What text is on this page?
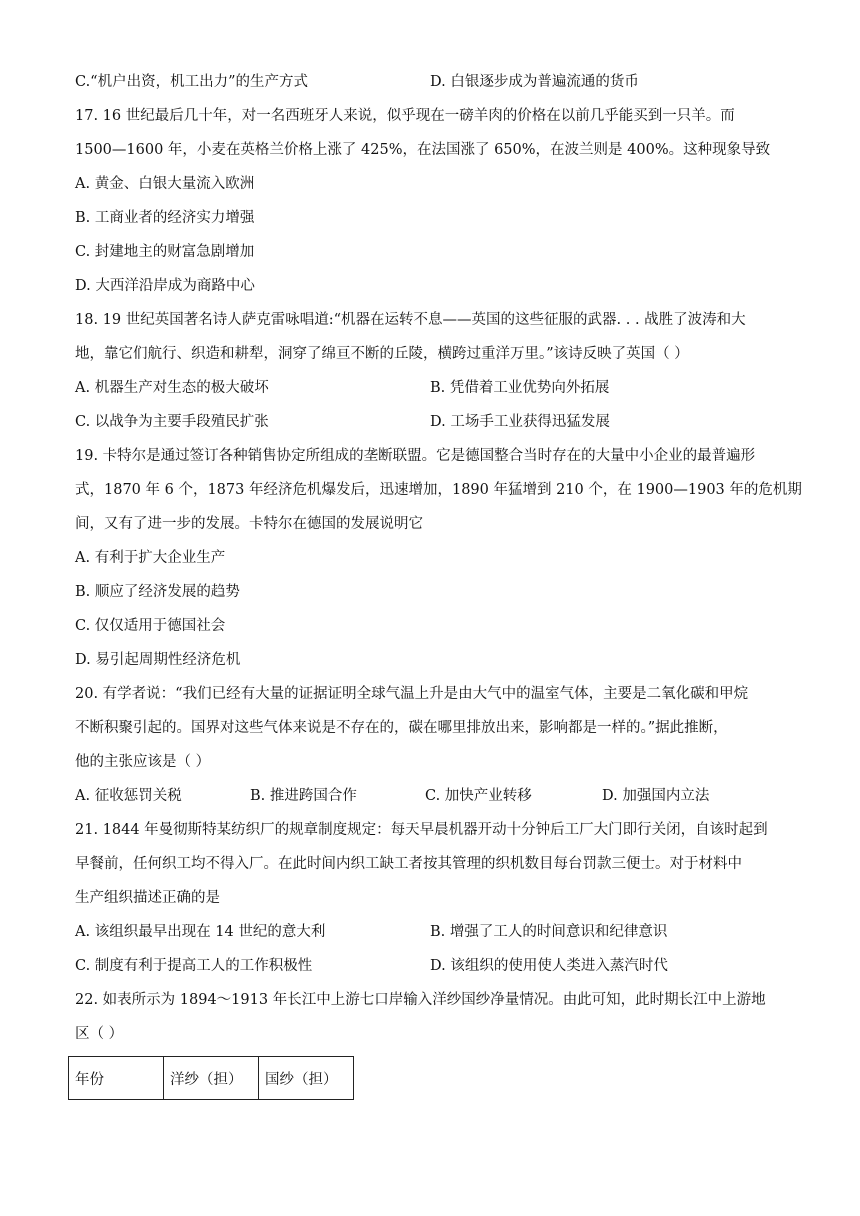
C.“机户出资，机工出力”的生产方式	D. 白银逐步成为普遍流通的货币
17. 16 世纪最后几十年，对一名西班牙人来说，似乎现在一磅羊肉的价格在以前几乎能买到一只羊。而
1500—1600 年，小麦在英格兰价格上涨了 425%，在法国涨了 650%，在波兰则是 400%。这种现象导致
A. 黄金、白银大量流入欧洲
B. 工商业者的经济实力增强
C. 封建地主的财富急剧增加
D. 大西洋沿岸成为商路中心
18. 19 世纪英国著名诗人萨克雷咏唱道:“机器在运转不息——英国的这些征服的武器. . . 战胜了波涛和大
地，靠它们航行、织造和耕犁，洞穿了绵亘不断的丘陵，横跨过重洋万里。”该诗反映了英国（ ）
A. 机器生产对生态的极大破坏	B. 凭借着工业优势向外拓展
C. 以战争为主要手段殖民扩张	D. 工场手工业获得迅猛发展
19. 卡特尔是通过签订各种销售协定所组成的垄断联盟。它是德国整合当时存在的大量中小企业的最普遍形
式，1870 年 6 个，1873 年经济危机爆发后，迅速增加，1890 年猛增到 210 个，在 1900—1903 年的危机期
间，又有了进一步的发展。卡特尔在德国的发展说明它
A. 有利于扩大企业生产
B. 顺应了经济发展的趋势
C. 仅仅适用于德国社会
D. 易引起周期性经济危机
20. 有学者说：“我们已经有大量的证据证明全球气温上升是由大气中的温室气体，主要是二氧化碳和甲烷
不断积聚引起的。国界对这些气体来说是不存在的，碳在哪里排放出来，影响都是一样的。”据此推断，
他的主张应该是（ ）
A. 征收惩罚关税	B. 推进跨国合作	C. 加快产业转移	D. 加强国内立法
21. 1844 年曼彻斯特某纺织厂的规章制度规定：每天早晨机器开动十分钟后工厂大门即行关闭，自该时起到
早餐前，任何织工均不得入厂。在此时间内织工缺工者按其管理的织机数目每台罚款三便士。对于材料中
生产组织描述正确的是
A. 该组织最早出现在 14 世纪的意大利	B. 增强了工人的时间意识和纪律意识
C. 制度有利于提高工人的工作积极性	D. 该组织的使用使人类进入蒸汽时代
22. 如表所示为 1894～1913 年长江中上游七口岸输入洋纱国纱净量情况。由此可知，此时期长江中上游地
区（ ）
年份	洋纱（担）	国纱（担）
